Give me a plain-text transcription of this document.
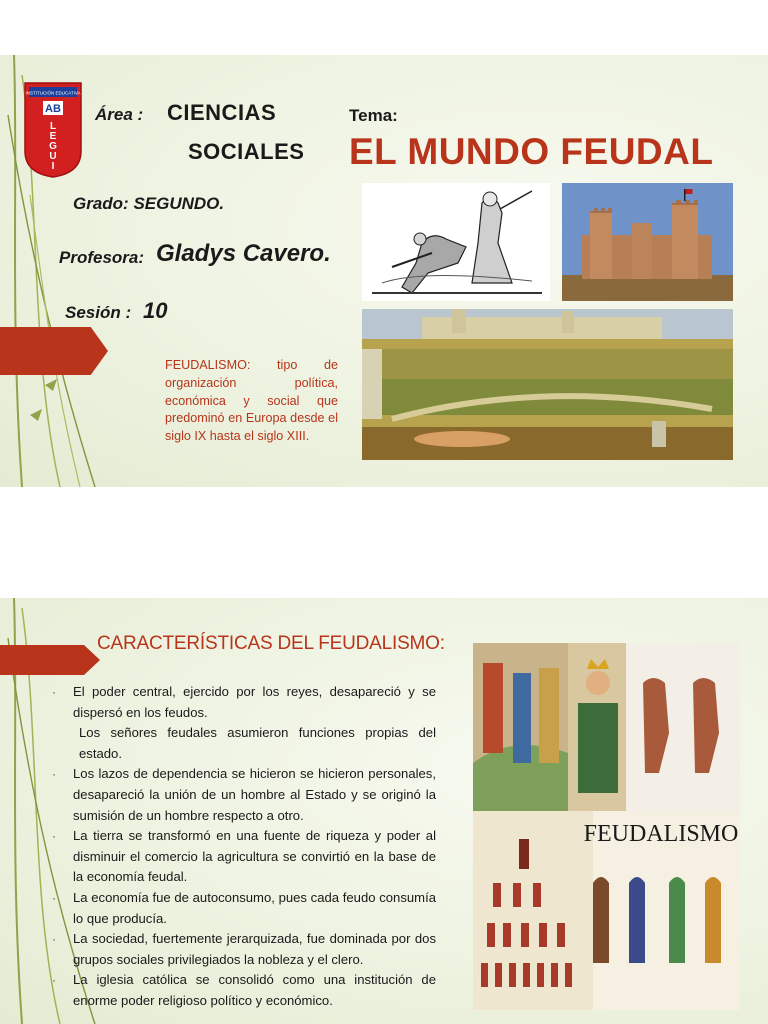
INSTITUCIÓN EDUCATIVA
AB
L
E
G
U
I
Área : CIENCIAS
SOCIALES
Tema:
EL MUNDO FEUDAL
Grado: SEGUNDO.
Profesora: Gladys Cavero.
Sesión : 10
FEUDALISMO: tipo de organización política, económica y social que predominó en Europa desde el siglo IX hasta el siglo XIII.
CARACTERÍSTICAS DEL FEUDALISMO:
· El poder central, ejercido por los reyes, desapareció y se dispersó en los feudos.
Los señores feudales asumieron funciones propias del estado.
· Los lazos de dependencia se hicieron se hicieron personales, desapareció la unión de un hombre al Estado y se originó la sumisión de un hombre respecto a otro.
· La tierra se transformó en una fuente de riqueza y poder al disminuir el comercio la agricultura se convirtió en la base de la economía feudal.
· La economía fue de autoconsumo, pues cada feudo consumía lo que producía.
· La sociedad, fuertemente jerarquizada, fue dominada por dos grupos sociales privilegiados la nobleza y el clero.
· La iglesia católica se consolidó como una institución de enorme poder religioso político y económico.
FEUDALISMO
